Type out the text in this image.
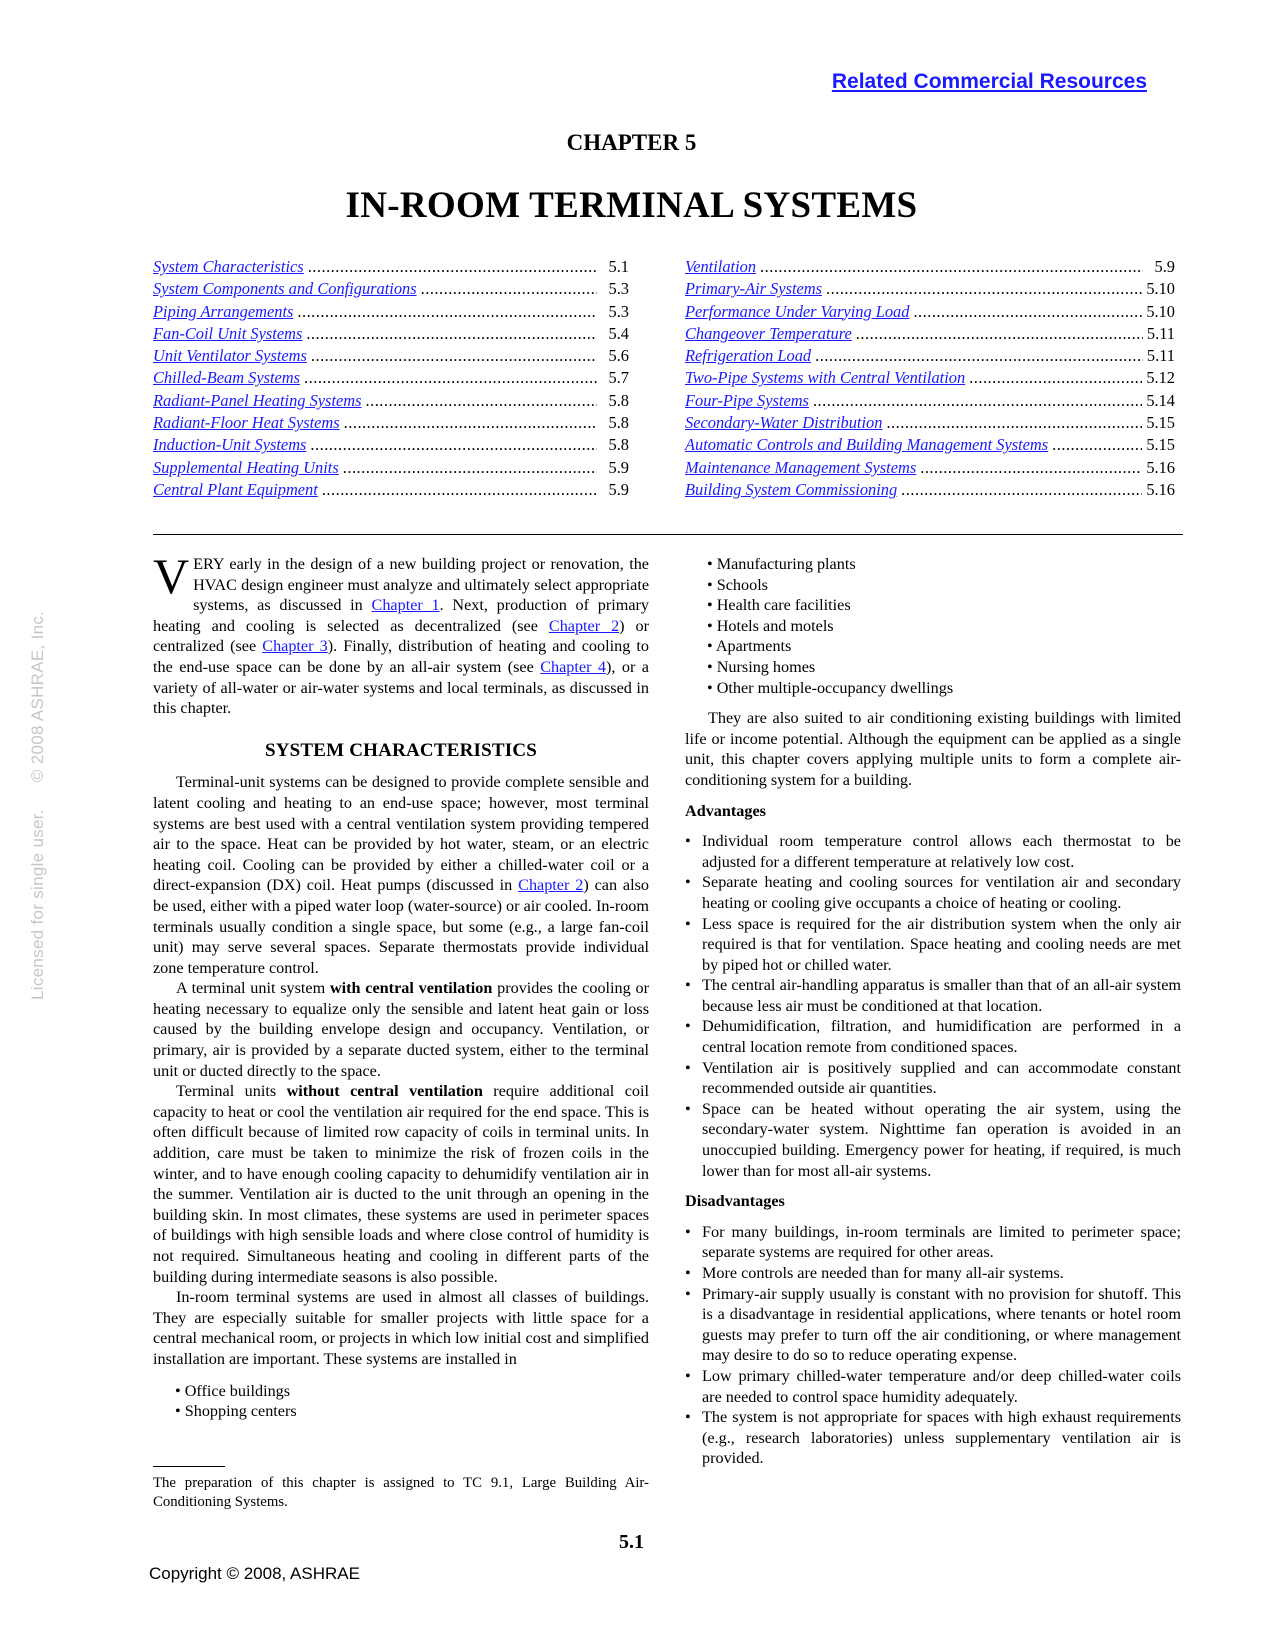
Licensed for single user. © 2008 ASHRAE, Inc.
Related Commercial Resources
CHAPTER 5
IN-ROOM TERMINAL SYSTEMS
System Characteristics .....	5.1
System Components and Configurations .....	5.3
Piping Arrangements .....	5.3
Fan-Coil Unit Systems .....	5.4
Unit Ventilator Systems .....	5.6
Chilled-Beam Systems .....	5.7
Radiant-Panel Heating Systems .....	5.8
Radiant-Floor Heat Systems .....	5.8
Induction-Unit Systems .....	5.8
Supplemental Heating Units .....	5.9
Central Plant Equipment .....	5.9
Ventilation .....	5.9
Primary-Air Systems .....	5.10
Performance Under Varying Load .....	5.10
Changeover Temperature .....	5.11
Refrigeration Load .....	5.11
Two-Pipe Systems with Central Ventilation .....	5.12
Four-Pipe Systems .....	5.14
Secondary-Water Distribution .....	5.15
Automatic Controls and Building Management Systems .....	5.15
Maintenance Management Systems .....	5.16
Building System Commissioning .....	5.16

VERY early in the design of a new building project or renovation, the HVAC design engineer must analyze and ultimately select appropriate systems, as discussed in Chapter 1. Next, production of primary heating and cooling is selected as decentralized (see Chapter 2) or centralized (see Chapter 3). Finally, distribution of heating and cooling to the end-use space can be done by an all-air system (see Chapter 4), or a variety of all-water or air-water systems and local terminals, as discussed in this chapter.

SYSTEM CHARACTERISTICS

Terminal-unit systems can be designed to provide complete sensible and latent cooling and heating to an end-use space; however, most terminal systems are best used with a central ventilation system providing tempered air to the space. Heat can be provided by hot water, steam, or an electric heating coil. Cooling can be provided by either a chilled-water coil or a direct-expansion (DX) coil. Heat pumps (discussed in Chapter 2) can also be used, either with a piped water loop (water-source) or air cooled. In-room terminals usually condition a single space, but some (e.g., a large fan-coil unit) may serve several spaces. Separate thermostats provide individual zone temperature control.

A terminal unit system with central ventilation provides the cooling or heating necessary to equalize only the sensible and latent heat gain or loss caused by the building envelope design and occupancy. Ventilation, or primary, air is provided by a separate ducted system, either to the terminal unit or ducted directly to the space.

Terminal units without central ventilation require additional coil capacity to heat or cool the ventilation air required for the end space. This is often difficult because of limited row capacity of coils in terminal units. In addition, care must be taken to minimize the risk of frozen coils in the winter, and to have enough cooling capacity to dehumidify ventilation air in the summer. Ventilation air is ducted to the unit through an opening in the building skin. In most climates, these systems are used in perimeter spaces of buildings with high sensible loads and where close control of humidity is not required. Simultaneous heating and cooling in different parts of the building during intermediate seasons is also possible.

In-room terminal systems are used in almost all classes of buildings. They are especially suitable for smaller projects with little space for a central mechanical room, or projects in which low initial cost and simplified installation are important. These systems are installed in

• Office buildings
• Shopping centers
• Manufacturing plants
• Schools
• Health care facilities
• Hotels and motels
• Apartments
• Nursing homes
• Other multiple-occupancy dwellings

They are also suited to air conditioning existing buildings with limited life or income potential. Although the equipment can be applied as a single unit, this chapter covers applying multiple units to form a complete air-conditioning system for a building.

Advantages
• Individual room temperature control allows each thermostat to be adjusted for a different temperature at relatively low cost.
• Separate heating and cooling sources for ventilation air and secondary heating or cooling give occupants a choice of heating or cooling.
• Less space is required for the air distribution system when the only air required is that for ventilation. Space heating and cooling needs are met by piped hot or chilled water.
• The central air-handling apparatus is smaller than that of an all-air system because less air must be conditioned at that location.
• Dehumidification, filtration, and humidification are performed in a central location remote from conditioned spaces.
• Ventilation air is positively supplied and can accommodate constant recommended outside air quantities.
• Space can be heated without operating the air system, using the secondary-water system. Nighttime fan operation is avoided in an unoccupied building. Emergency power for heating, if required, is much lower than for most all-air systems.
Disadvantages
• For many buildings, in-room terminals are limited to perimeter space; separate systems are required for other areas.
• More controls are needed than for many all-air systems.
• Primary-air supply usually is constant with no provision for shutoff. This is a disadvantage in residential applications, where tenants or hotel room guests may prefer to turn off the air conditioning, or where management may desire to do so to reduce operating expense.
• Low primary chilled-water temperature and/or deep chilled-water coils are needed to control space humidity adequately.
• The system is not appropriate for spaces with high exhaust requirements (e.g., research laboratories) unless supplementary ventilation air is provided.
The preparation of this chapter is assigned to TC 9.1, Large Building Air-Conditioning Systems.
5.1
Copyright © 2008, ASHRAE
